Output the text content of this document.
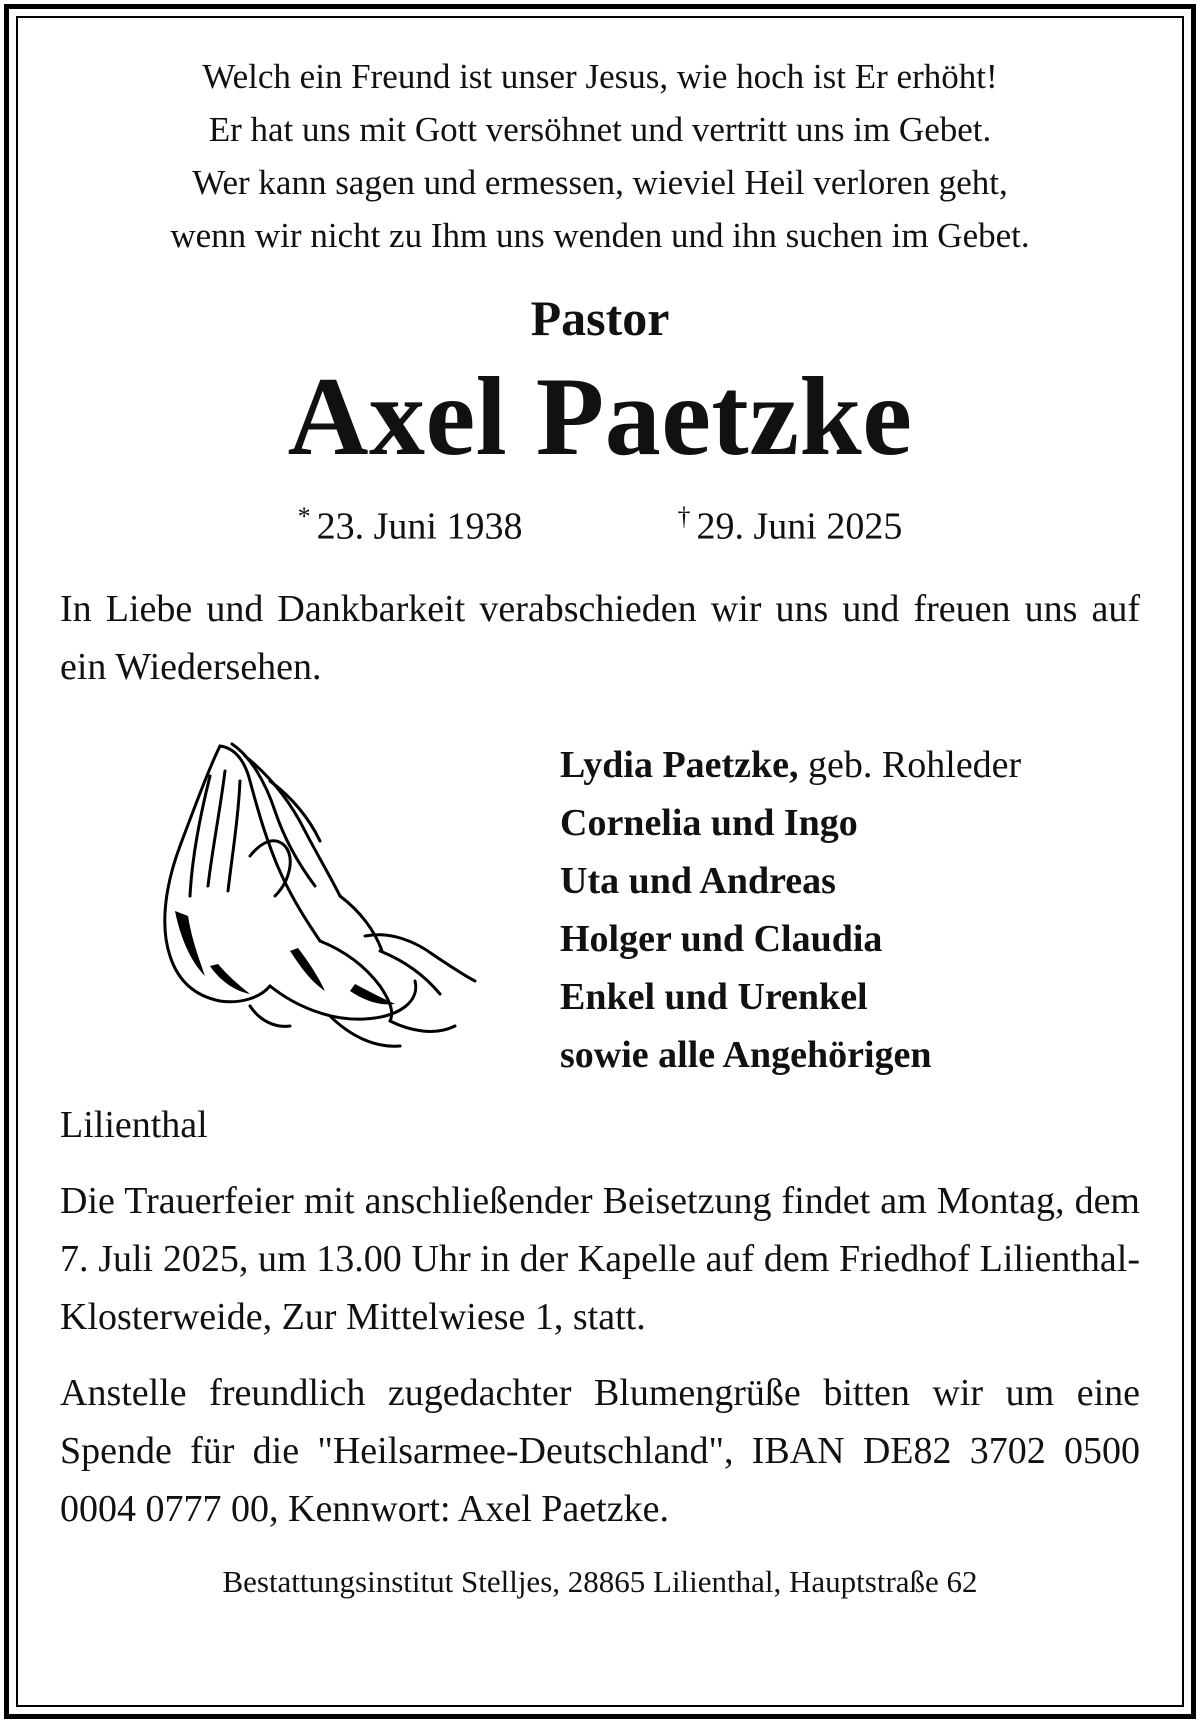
Welch ein Freund ist unser Jesus, wie hoch ist Er erhöht!
Er hat uns mit Gott versöhnet und vertritt uns im Gebet.
Wer kann sagen und ermessen, wieviel Heil verloren geht,
wenn wir nicht zu Ihm uns wenden und ihn suchen im Gebet.
Pastor
Axel Paetzke
* 23. Juni 1938	† 29. Juni 2025
In Liebe und Dankbarkeit verabschieden wir uns und freuen uns auf ein Wiedersehen.
Lydia Paetzke, geb. Rohleder
Cornelia und Ingo
Uta und Andreas
Holger und Claudia
Enkel und Urenkel
sowie alle Angehörigen
Lilienthal
Die Trauerfeier mit anschließender Beisetzung findet am Montag, dem 7. Juli 2025, um 13.00 Uhr in der Kapelle auf dem Friedhof Lilienthal-Klosterweide, Zur Mittelwiese 1, statt.
Anstelle freundlich zugedachter Blumengrüße bitten wir um eine Spende für die "Heilsarmee-Deutschland", IBAN DE82 3702 0500 0004 0777 00, Kennwort: Axel Paetzke.
Bestattungsinstitut Stelljes, 28865 Lilienthal, Hauptstraße 62
